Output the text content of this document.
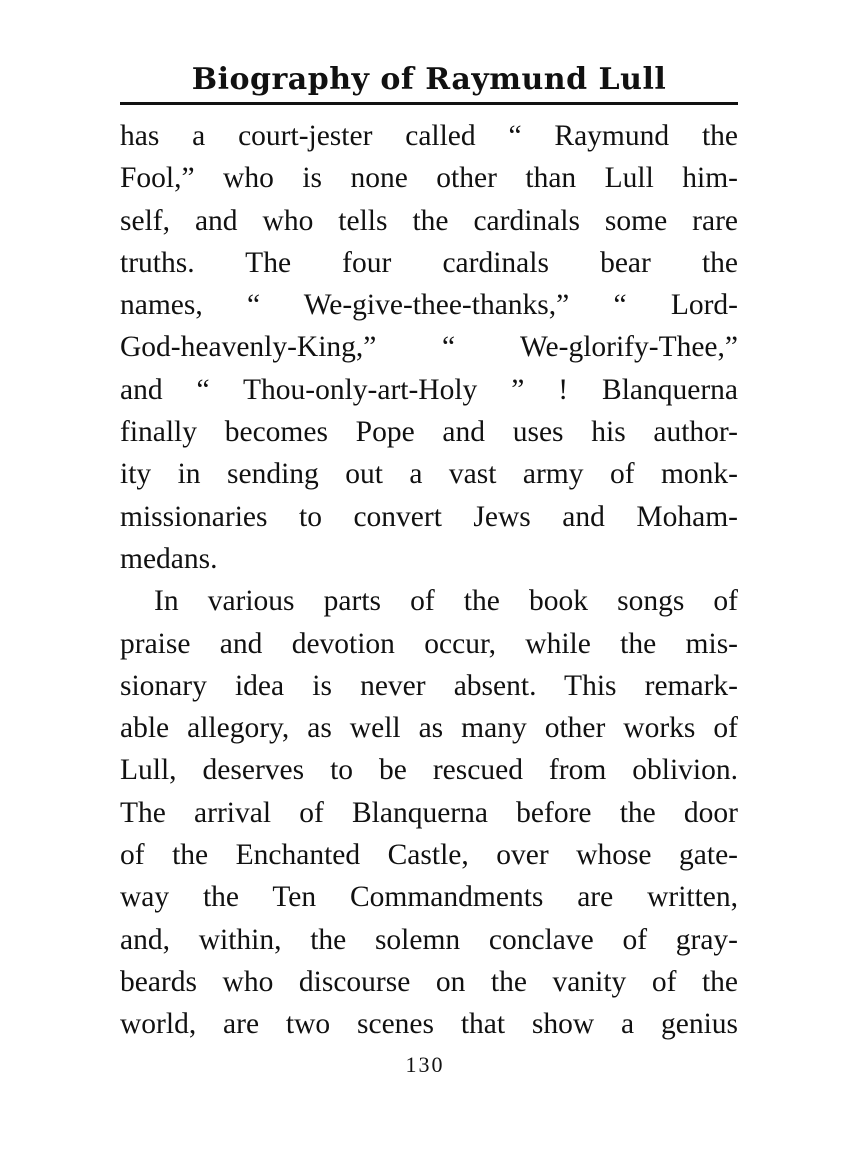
Biography of Raymund Lull
has a court-jester called “ Raymund the
Fool,” who is none other than Lull him-
self, and who tells the cardinals some rare
truths. The four cardinals bear the
names, “ We-give-thee-thanks,” “ Lord-
God-heavenly-King,” “ We-glorify-Thee,”
and “ Thou-only-art-Holy ” ! Blanquerna
finally becomes Pope and uses his author-
ity in sending out a vast army of monk-
missionaries to convert Jews and Moham-
medans.
In various parts of the book songs of
praise and devotion occur, while the mis-
sionary idea is never absent. This remark-
able allegory, as well as many other works of
Lull, deserves to be rescued from oblivion.
The arrival of Blanquerna before the door
of the Enchanted Castle, over whose gate-
way the Ten Commandments are written,
and, within, the solemn conclave of gray-
beards who discourse on the vanity of the
world, are two scenes that show a genius
130
